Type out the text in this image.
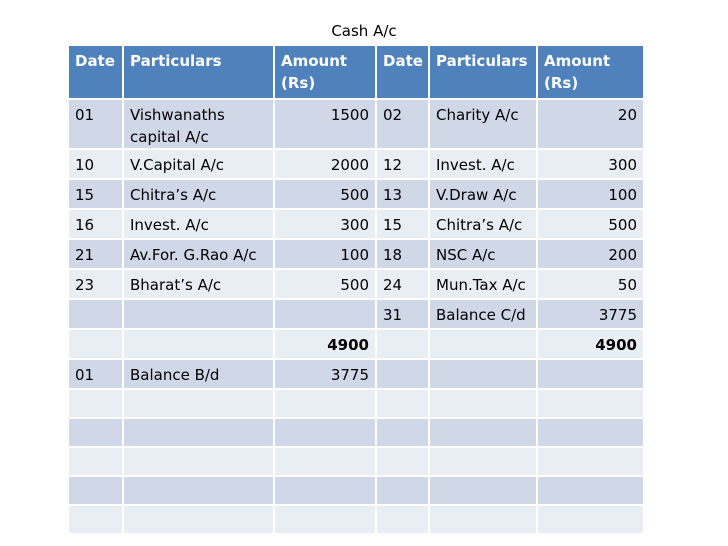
Cash A/c
Date	Particulars	Amount (Rs)	Date	Particulars	Amount (Rs)
01	Vishwanaths capital A/c	1500	02	Charity A/c	20
10	V.Capital A/c	2000	12	Invest. A/c	300
15	Chitra’s A/c	500	13	V.Draw A/c	100
16	Invest. A/c	300	15	Chitra’s A/c	500
21	Av.For. G.Rao A/c	100	18	NSC A/c	200
23	Bharat’s A/c	500	24	Mun.Tax A/c	50
			31	Balance C/d	3775
		4900			4900
01	Balance B/d	3775			
